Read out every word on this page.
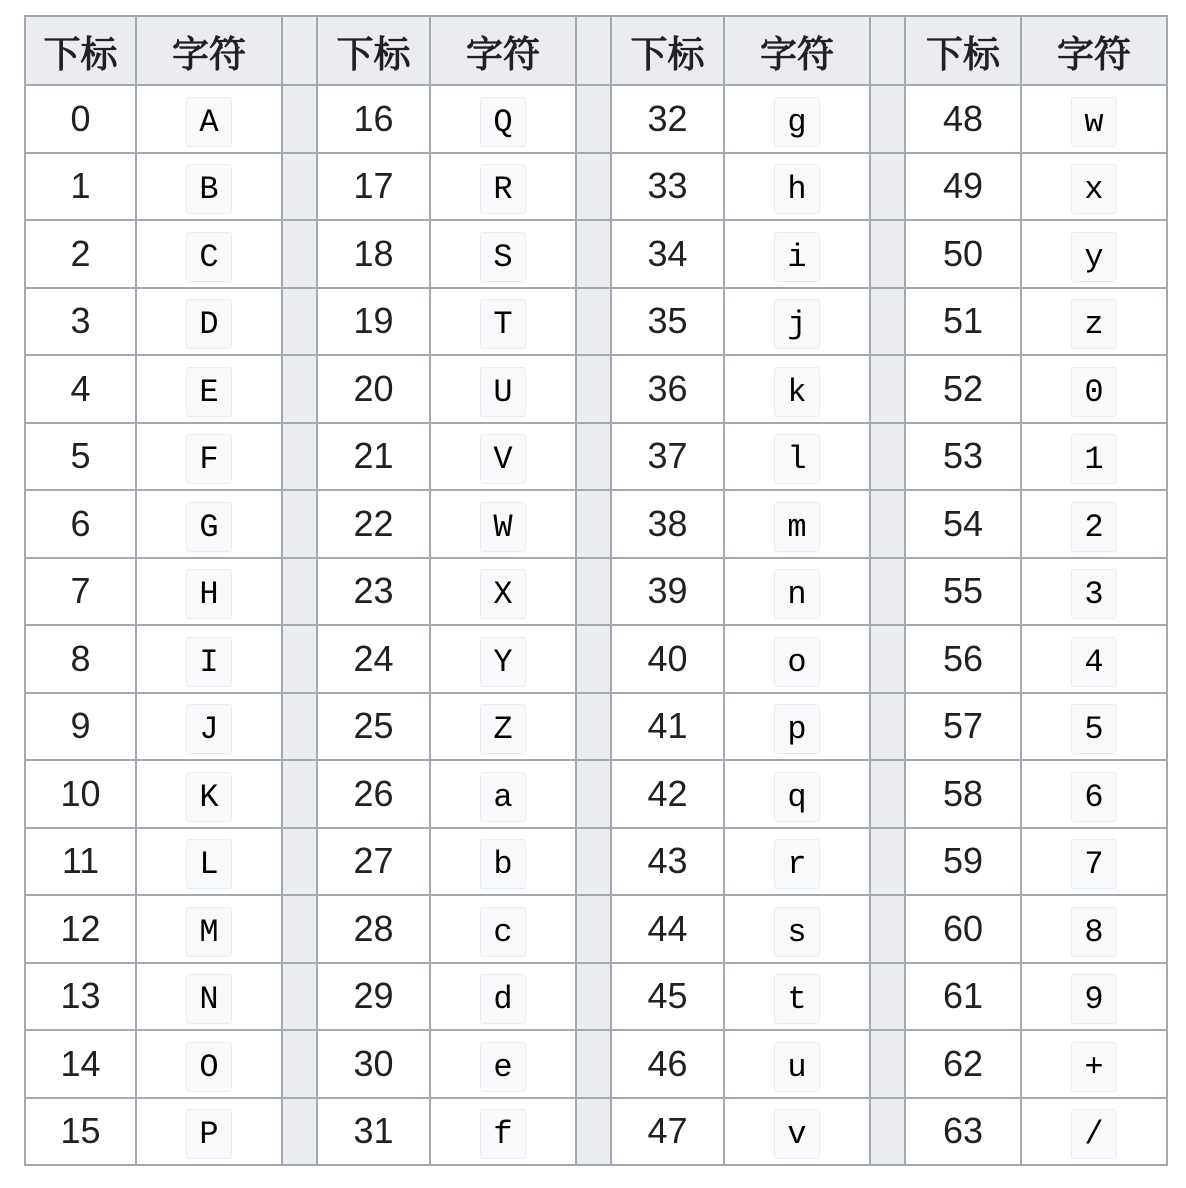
下标	字符		下标	字符		下标	字符		下标	字符
0	A		16	Q		32	g		48	w
1	B		17	R		33	h		49	x
2	C		18	S		34	i		50	y
3	D		19	T		35	j		51	z
4	E		20	U		36	k		52	0
5	F		21	V		37	l		53	1
6	G		22	W		38	m		54	2
7	H		23	X		39	n		55	3
8	I		24	Y		40	o		56	4
9	J		25	Z		41	p		57	5
10	K		26	a		42	q		58	6
11	L		27	b		43	r		59	7
12	M		28	c		44	s		60	8
13	N		29	d		45	t		61	9
14	O		30	e		46	u		62	+
15	P		31	f		47	v		63	/
